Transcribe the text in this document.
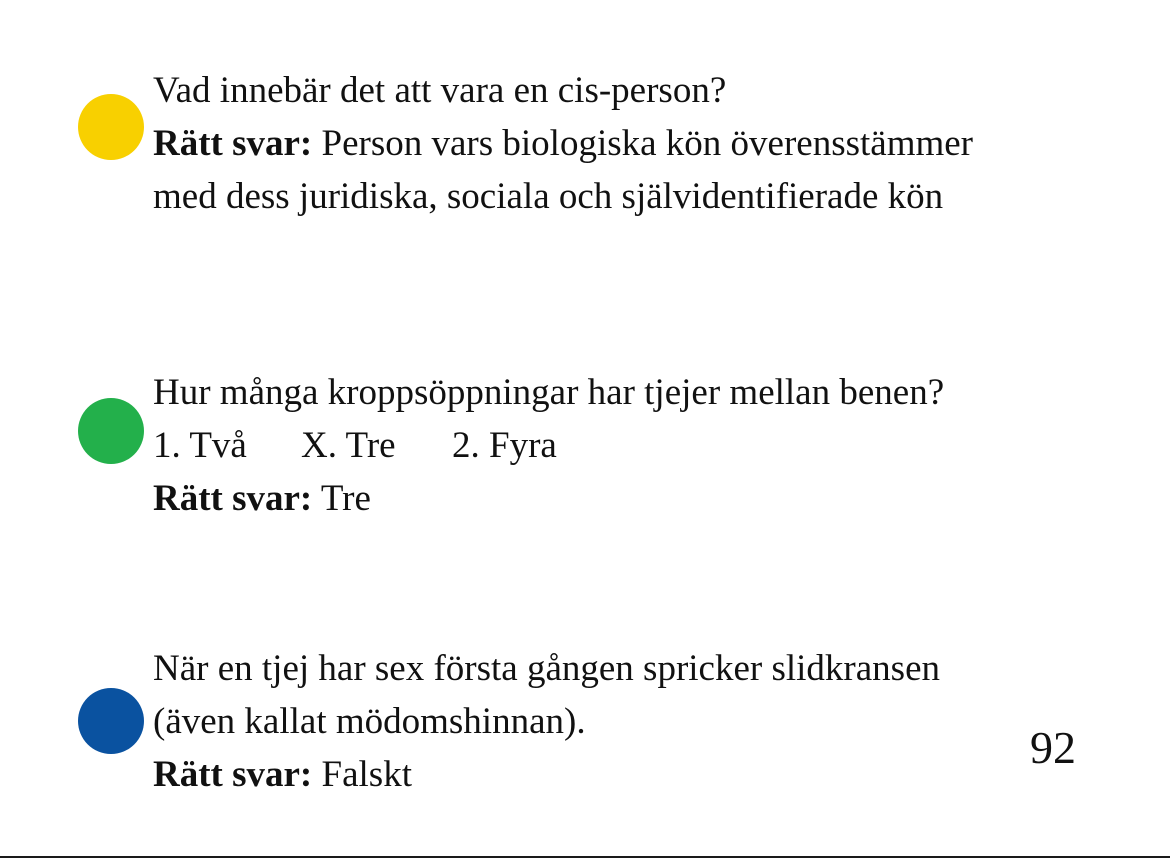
Vad innebär det att vara en cis-person?
Rätt svar: Person vars biologiska kön överensstämmer
med dess juridiska, sociala och självidentifierade kön
Hur många kroppsöppningar har tjejer mellan benen?
1. Två X. Tre 2. Fyra
Rätt svar: Tre
När en tjej har sex första gången spricker slidkransen
(även kallat mödomshinnan).
Rätt svar: Falskt
92
